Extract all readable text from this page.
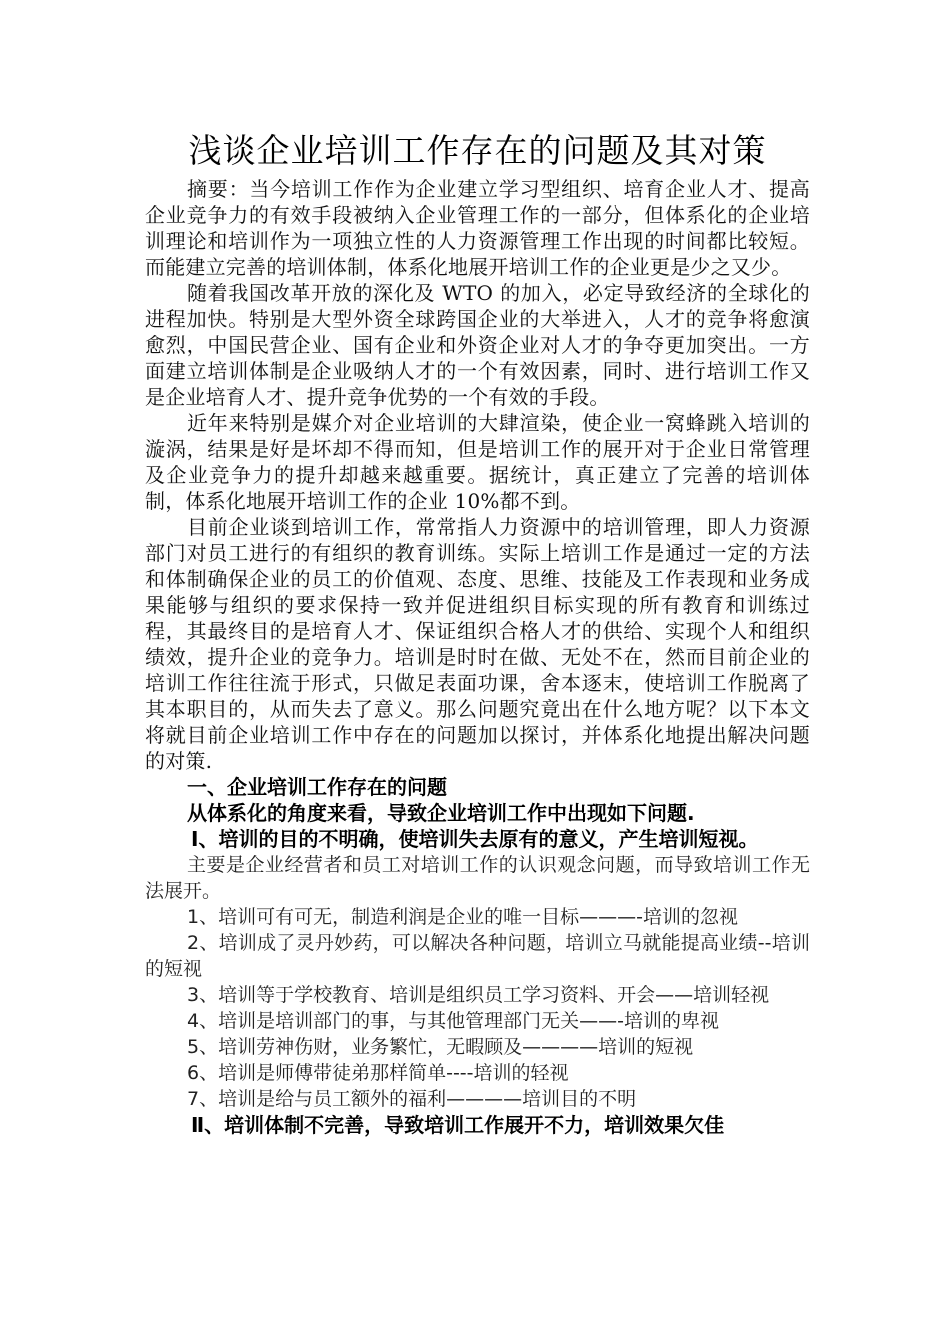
浅谈企业培训工作存在的问题及其对策

摘要：当今培训工作作为企业建立学习型组织、培育企业人才、提高企业竞争力的有效手段被纳入企业管理工作的一部分，但体系化的企业培训理论和培训作为一项独立性的人力资源管理工作出现的时间都比较短。而能建立完善的培训体制，体系化地展开培训工作的企业更是少之又少。

随着我国改革开放的深化及 WTO 的加入，必定导致经济的全球化的进程加快。特别是大型外资全球跨国企业的大举进入，人才的竞争将愈演愈烈，中国民营企业、国有企业和外资企业对人才的争夺更加突出。一方面建立培训体制是企业吸纳人才的一个有效因素，同时、进行培训工作又是企业培育人才、提升竞争优势的一个有效的手段。

近年来特别是媒介对企业培训的大肆渲染，使企业一窝蜂跳入培训的漩涡，结果是好是坏却不得而知，但是培训工作的展开对于企业日常管理及企业竞争力的提升却越来越重要。据统计，真正建立了完善的培训体制，体系化地展开培训工作的企业 10%都不到。

目前企业谈到培训工作，常常指人力资源中的培训管理，即人力资源部门对员工进行的有组织的教育训练。实际上培训工作是通过一定的方法和体制确保企业的员工的价值观、态度、思维、技能及工作表现和业务成果能够与组织的要求保持一致并促进组织目标实现的所有教育和训练过程，其最终目的是培育人才、保证组织合格人才的供给、实现个人和组织绩效，提升企业的竞争力。培训是时时在做、无处不在，然而目前企业的培训工作往往流于形式，只做足表面功课，舍本逐末，使培训工作脱离了其本职目的，从而失去了意义。那么问题究竟出在什么地方呢？以下本文将就目前企业培训工作中存在的问题加以探讨，并体系化地提出解决问题的对策.

一、企业培训工作存在的问题

从体系化的角度来看，导致企业培训工作中出现如下问题.

Ⅰ、培训的目的不明确，使培训失去原有的意义，产生培训短视。

主要是企业经营者和员工对培训工作的认识观念问题，而导致培训工作无法展开。

1、培训可有可无，制造利润是企业的唯一目标———-培训的忽视

2、培训成了灵丹妙药，可以解决各种问题，培训立马就能提高业绩--培训的短视

3、培训等于学校教育、培训是组织员工学习资料、开会——培训轻视

4、培训是培训部门的事，与其他管理部门无关——-培训的卑视

5、培训劳神伤财，业务繁忙，无暇顾及————培训的短视

6、培训是师傅带徒弟那样简单----培训的轻视

7、培训是给与员工额外的福利————培训目的不明

Ⅱ、培训体制不完善，导致培训工作展开不力，培训效果欠佳
